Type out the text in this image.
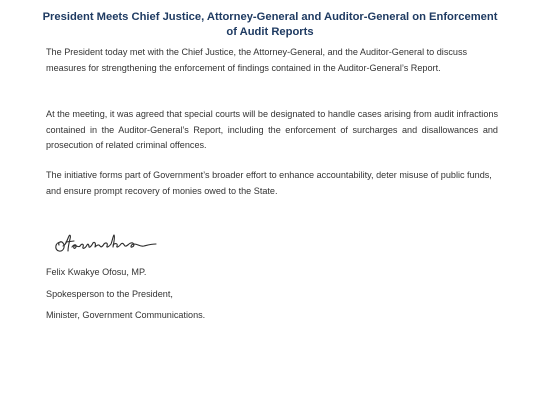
President Meets Chief Justice, Attorney-General and Auditor-General on Enforcement of Audit Reports

The President today met with the Chief Justice, the Attorney-General, and the Auditor-General to discuss measures for strengthening the enforcement of findings contained in the Auditor-General’s Report.

At the meeting, it was agreed that special courts will be designated to handle cases arising from audit infractions contained in the Auditor-General’s Report, including the enforcement of surcharges and disallowances and prosecution of related criminal offences.

The initiative forms part of Government’s broader effort to enhance accountability, deter misuse of public funds, and ensure prompt recovery of monies owed to the State.

Felix Kwakye Ofosu, MP.

Spokesperson to the President,

Minister, Government Communications.
